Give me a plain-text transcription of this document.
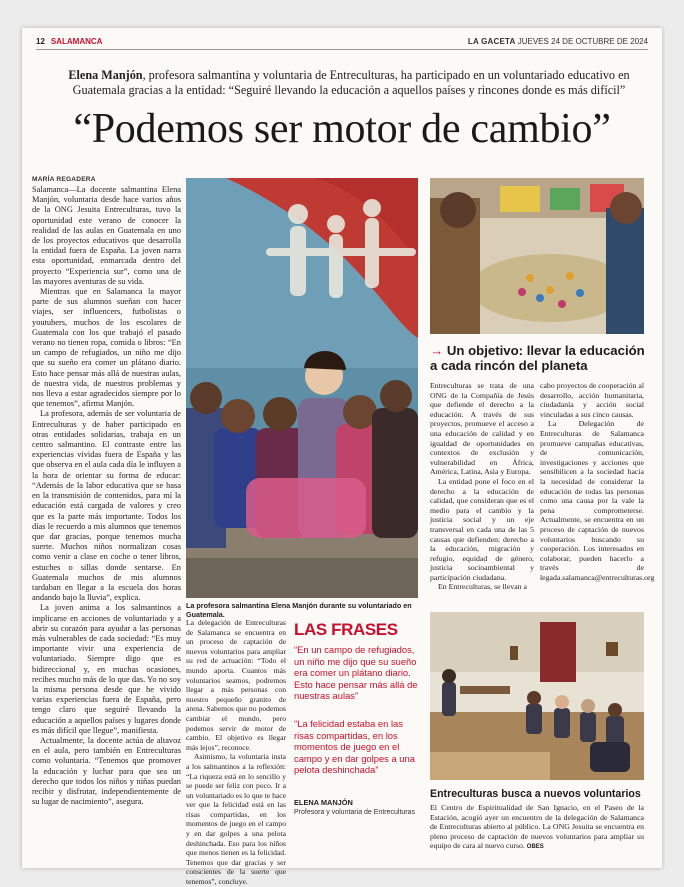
12 SALAMANCA	LA GACETA JUEVES 24 DE OCTUBRE DE 2024
Elena Manjón, profesora salmantina y voluntaria de Entreculturas, ha participado en un voluntariado educativo en Guatemala gracias a la entidad: “Seguiré llevando la educación a aquellos países y rincones donde es más difícil”
“Podemos ser motor de cambio”
MARÍA REGADERA

Salamanca—La docente salmantina Elena Manjón, voluntaria desde hace varios años de la ONG Jesuita Entreculturas, tuvo la oportunidad este verano de conocer la realidad de las aulas en Guatemala en uno de los proyectos educativos que desarrolla la entidad fuera de España. La joven narra esta oportunidad, enmarcada dentro del proyecto “Experiencia sur”, como una de las mayores aventuras de su vida.

Mientras que en Salamanca la mayor parte de sus alumnos sueñan con hacer viajes, ser influencers, futbolistas o youtubers, muchos de los escolares de Guatemala con los que trabajó el pasado verano no tienen ropa, comida o libros: “En un campo de refugiados, un niño me dijo que su sueño era comer un plátano diario. Esto hace pensar más allá de nuestras aulas, de nuestra vida, de nuestros problemas y nos lleva a estar agradecidos siempre por lo que tenemos”, afirma Manjón.

La profesora, además de ser voluntaria de Entreculturas y de haber participado en otras entidades solidarias, trabaja en un centro salmantino. El contraste entre las experiencias vividas fuera de España y las que observa en el aula cada día le influyen a la hora de orientar su forma de educar: “Además de la labor educativa que se basa en la transmisión de contenidos, para mí la educación está cargada de valores y creo que es la parte más importante. Todos los días le recuerdo a mis alumnos que tenemos que dar gracias, porque tenemos mucha suerte. Muchos niños normalizan cosas como venir a clase en coche o tener libros, estuches o sillas donde sentarse. En Guatemala muchos de mis alumnos tardaban en llegar a la escuela dos horas andando bajo la lluvia”, explica.

La joven anima a los salmantinos a implicarse en acciones de voluntariado y a abrir su corazón para ayudar a las personas más vulnerables de cada sociedad: “Es muy importante vivir una experiencia de voluntariado. Siempre digo que es bidireccional y, en muchas ocasiones, recibes mucho más de lo que das. Yo no soy la misma persona desde que he vivido varias experiencias fuera de España, pero tengo claro que seguiré llevando la educación a aquellos países y lugares donde es más difícil que llegue”, manifiesta.

Actualmente, la docente actúa de altavoz en el aula, pero también en Entreculturas como voluntaria. “Tenemos que promover la educación y luchar para que sea un derecho que todos los niños y niñas puedan recibir y disfrutar, independientemente de su lugar de nacimiento”, asegura.

La profesora salmantina Elena Manjón durante su voluntariado en Guatemala.

La delegación de Entreculturas de Salamanca se encuentra en un proceso de captación de nuevos voluntarios para ampliar su red de actuación: “Todo el mundo aporta. Cuantos más voluntarios seamos, podremos llegar a más personas con nuestro pequeño granito de arena. Sabemos que no podemos cambiar el mundo, pero podemos servir de motor de cambio. El objetivo es llegar más lejos”, reconoce.

Asimismo, la voluntaria insta a los salmantinos a la reflexión: “La riqueza está en lo sencillo y se puede ser feliz con poco. Ir a un voluntariado es lo que te hace ver que la felicidad está en las risas compartidas, en los momentos de juego en el campo y en dar golpes a una pelota deshinchada. Eso para los niños que menos tienen es la felicidad. Tenemos que dar gracias y ser conscientes de la suerte que tenemos”, concluye.

LAS FRASES
“En un campo de refugiados, un niño me dijo que su sueño era comer un plátano diario. Esto hace pensar más allá de nuestras aulas”
“La felicidad estaba en las risas compartidas, en los momentos de juego en el campo y en dar golpes a una pelota deshinchada”
ELENA MANJÓN
Profesora y voluntaria de Entreculturas
→ Un objetivo: llevar la educación a cada rincón del planeta

Entreculturas se trata de una ONG de la Compañía de Jesús que defiende el derecho a la educación. A través de sus proyectos, promueve el acceso a una educación de calidad y en igualdad de oportunidades en contextos de exclusión y vulnerabilidad en África, América, Latina, Asia y Europa.

La entidad pone el foco en el derecho a la educación de calidad, que consideran que es el medio para el cambio y la justicia social y un eje transversal en cada una de las 5 causas que defienden: derecho a la educación, migración y refugio, equidad de género, justicia socioambiental y participación ciudadana.

En Entreculturas, se llevan a

cabo proyectos de cooperación al desarrollo, acción humanitaria, ciudadanía y acción social vinculadas a sus cinco causas.

La Delegación de Entreculturas de Salamanca promueve campañas educativas, de comunicación, investigaciones y acciones que sensibilicen a la sociedad hacia la necesidad de considerar la educación de todas las personas como una causa por la vale la pena comprometerse. Actualmente, se encuentra en un proceso de captación de nuevos voluntarios buscando su cooperación. Los interesados en colaborar, pueden hacerlo a través de legada.salamanca@entreculturas.org

Entreculturas busca a nuevos voluntarios

El Centro de Espiritualidad de San Ignacio, en el Paseo de la Estación, acogió ayer un encuentro de la delegación de Salamanca de Entreculturas abierto al público. La ONG Jesuita se encuentra en pleno proceso de captación de nuevos voluntarios para ampliar su equipo de cara al nuevo curso. OBES
